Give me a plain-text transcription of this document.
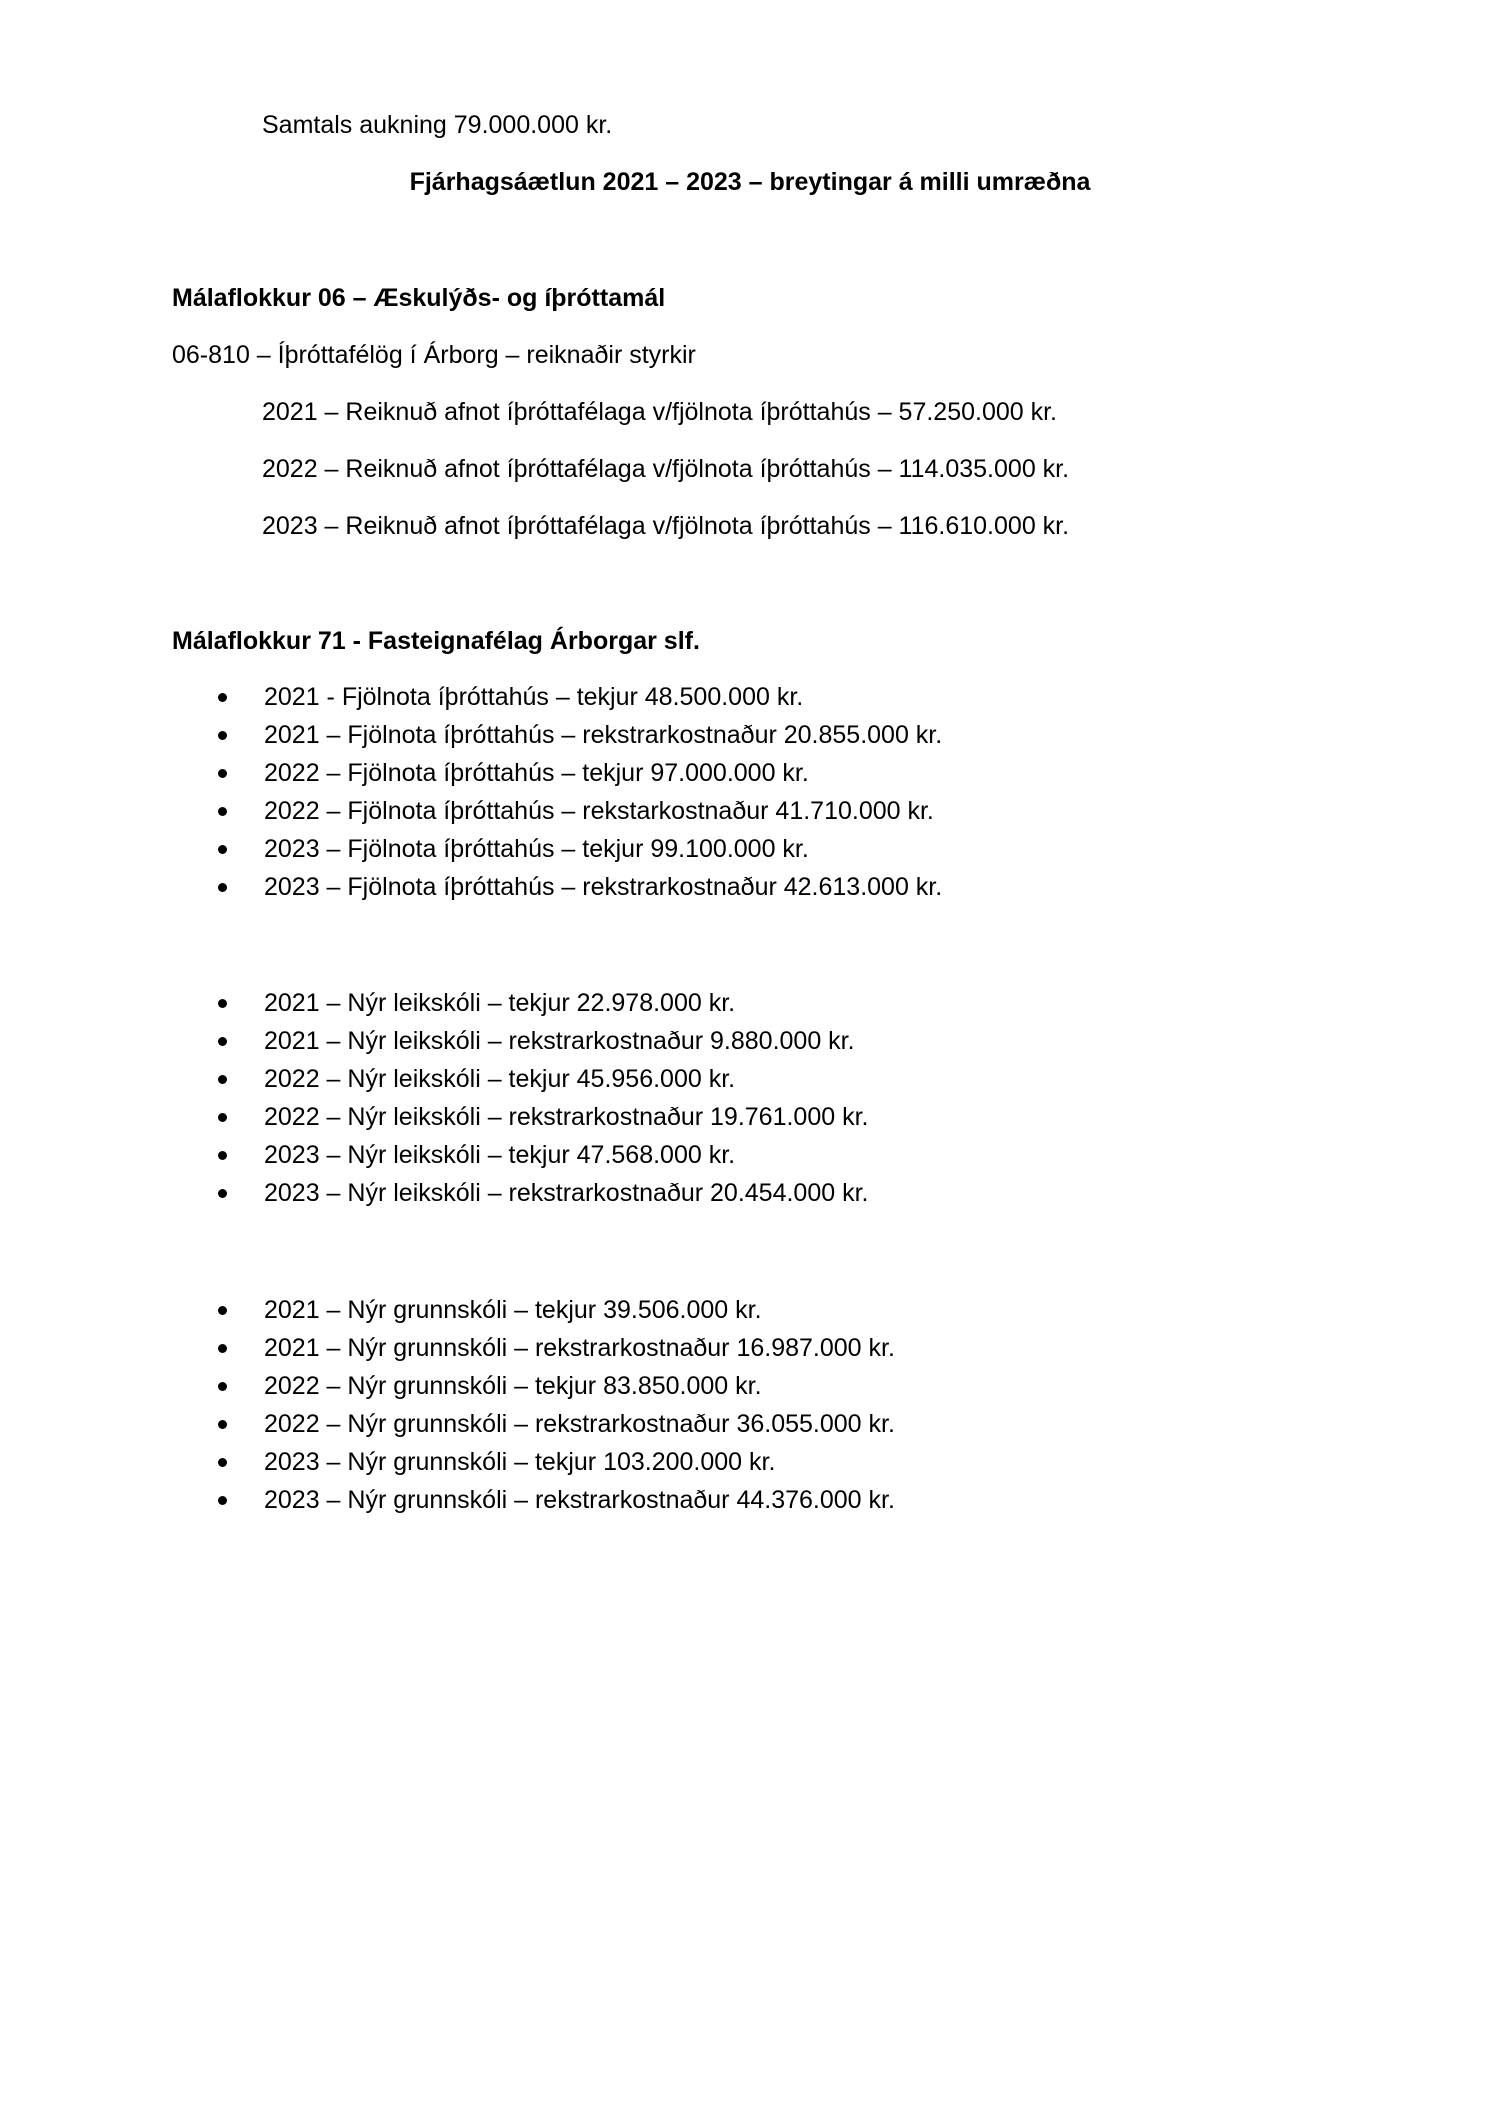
Samtals aukning 79.000.000 kr.
Fjárhagsáætlun 2021 – 2023 – breytingar á milli umræðna
Málaflokkur 06 – Æskulýðs- og íþróttamál
06-810 – Íþróttafélög í Árborg – reiknaðir styrkir
2021 – Reiknuð afnot íþróttafélaga v/fjölnota íþróttahús – 57.250.000 kr.
2022 – Reiknuð afnot íþróttafélaga v/fjölnota íþróttahús – 114.035.000 kr.
2023 – Reiknuð afnot íþróttafélaga v/fjölnota íþróttahús – 116.610.000 kr.
Málaflokkur 71 - Fasteignafélag Árborgar slf.
2021 - Fjölnota íþróttahús – tekjur 48.500.000 kr.
2021 – Fjölnota íþróttahús – rekstrarkostnaður 20.855.000 kr.
2022 – Fjölnota íþróttahús – tekjur 97.000.000 kr.
2022 – Fjölnota íþróttahús – rekstarkostnaður 41.710.000 kr.
2023 – Fjölnota íþróttahús – tekjur 99.100.000 kr.
2023 – Fjölnota íþróttahús – rekstrarkostnaður 42.613.000 kr.
2021 – Nýr leikskóli – tekjur 22.978.000 kr.
2021 – Nýr leikskóli – rekstrarkostnaður 9.880.000 kr.
2022 – Nýr leikskóli – tekjur 45.956.000 kr.
2022 – Nýr leikskóli – rekstrarkostnaður 19.761.000 kr.
2023 – Nýr leikskóli – tekjur 47.568.000 kr.
2023 – Nýr leikskóli – rekstrarkostnaður 20.454.000 kr.
2021 – Nýr grunnskóli – tekjur 39.506.000 kr.
2021 – Nýr grunnskóli – rekstrarkostnaður 16.987.000 kr.
2022 – Nýr grunnskóli – tekjur 83.850.000 kr.
2022 – Nýr grunnskóli – rekstrarkostnaður 36.055.000 kr.
2023 – Nýr grunnskóli – tekjur 103.200.000 kr.
2023 – Nýr grunnskóli – rekstrarkostnaður 44.376.000 kr.
